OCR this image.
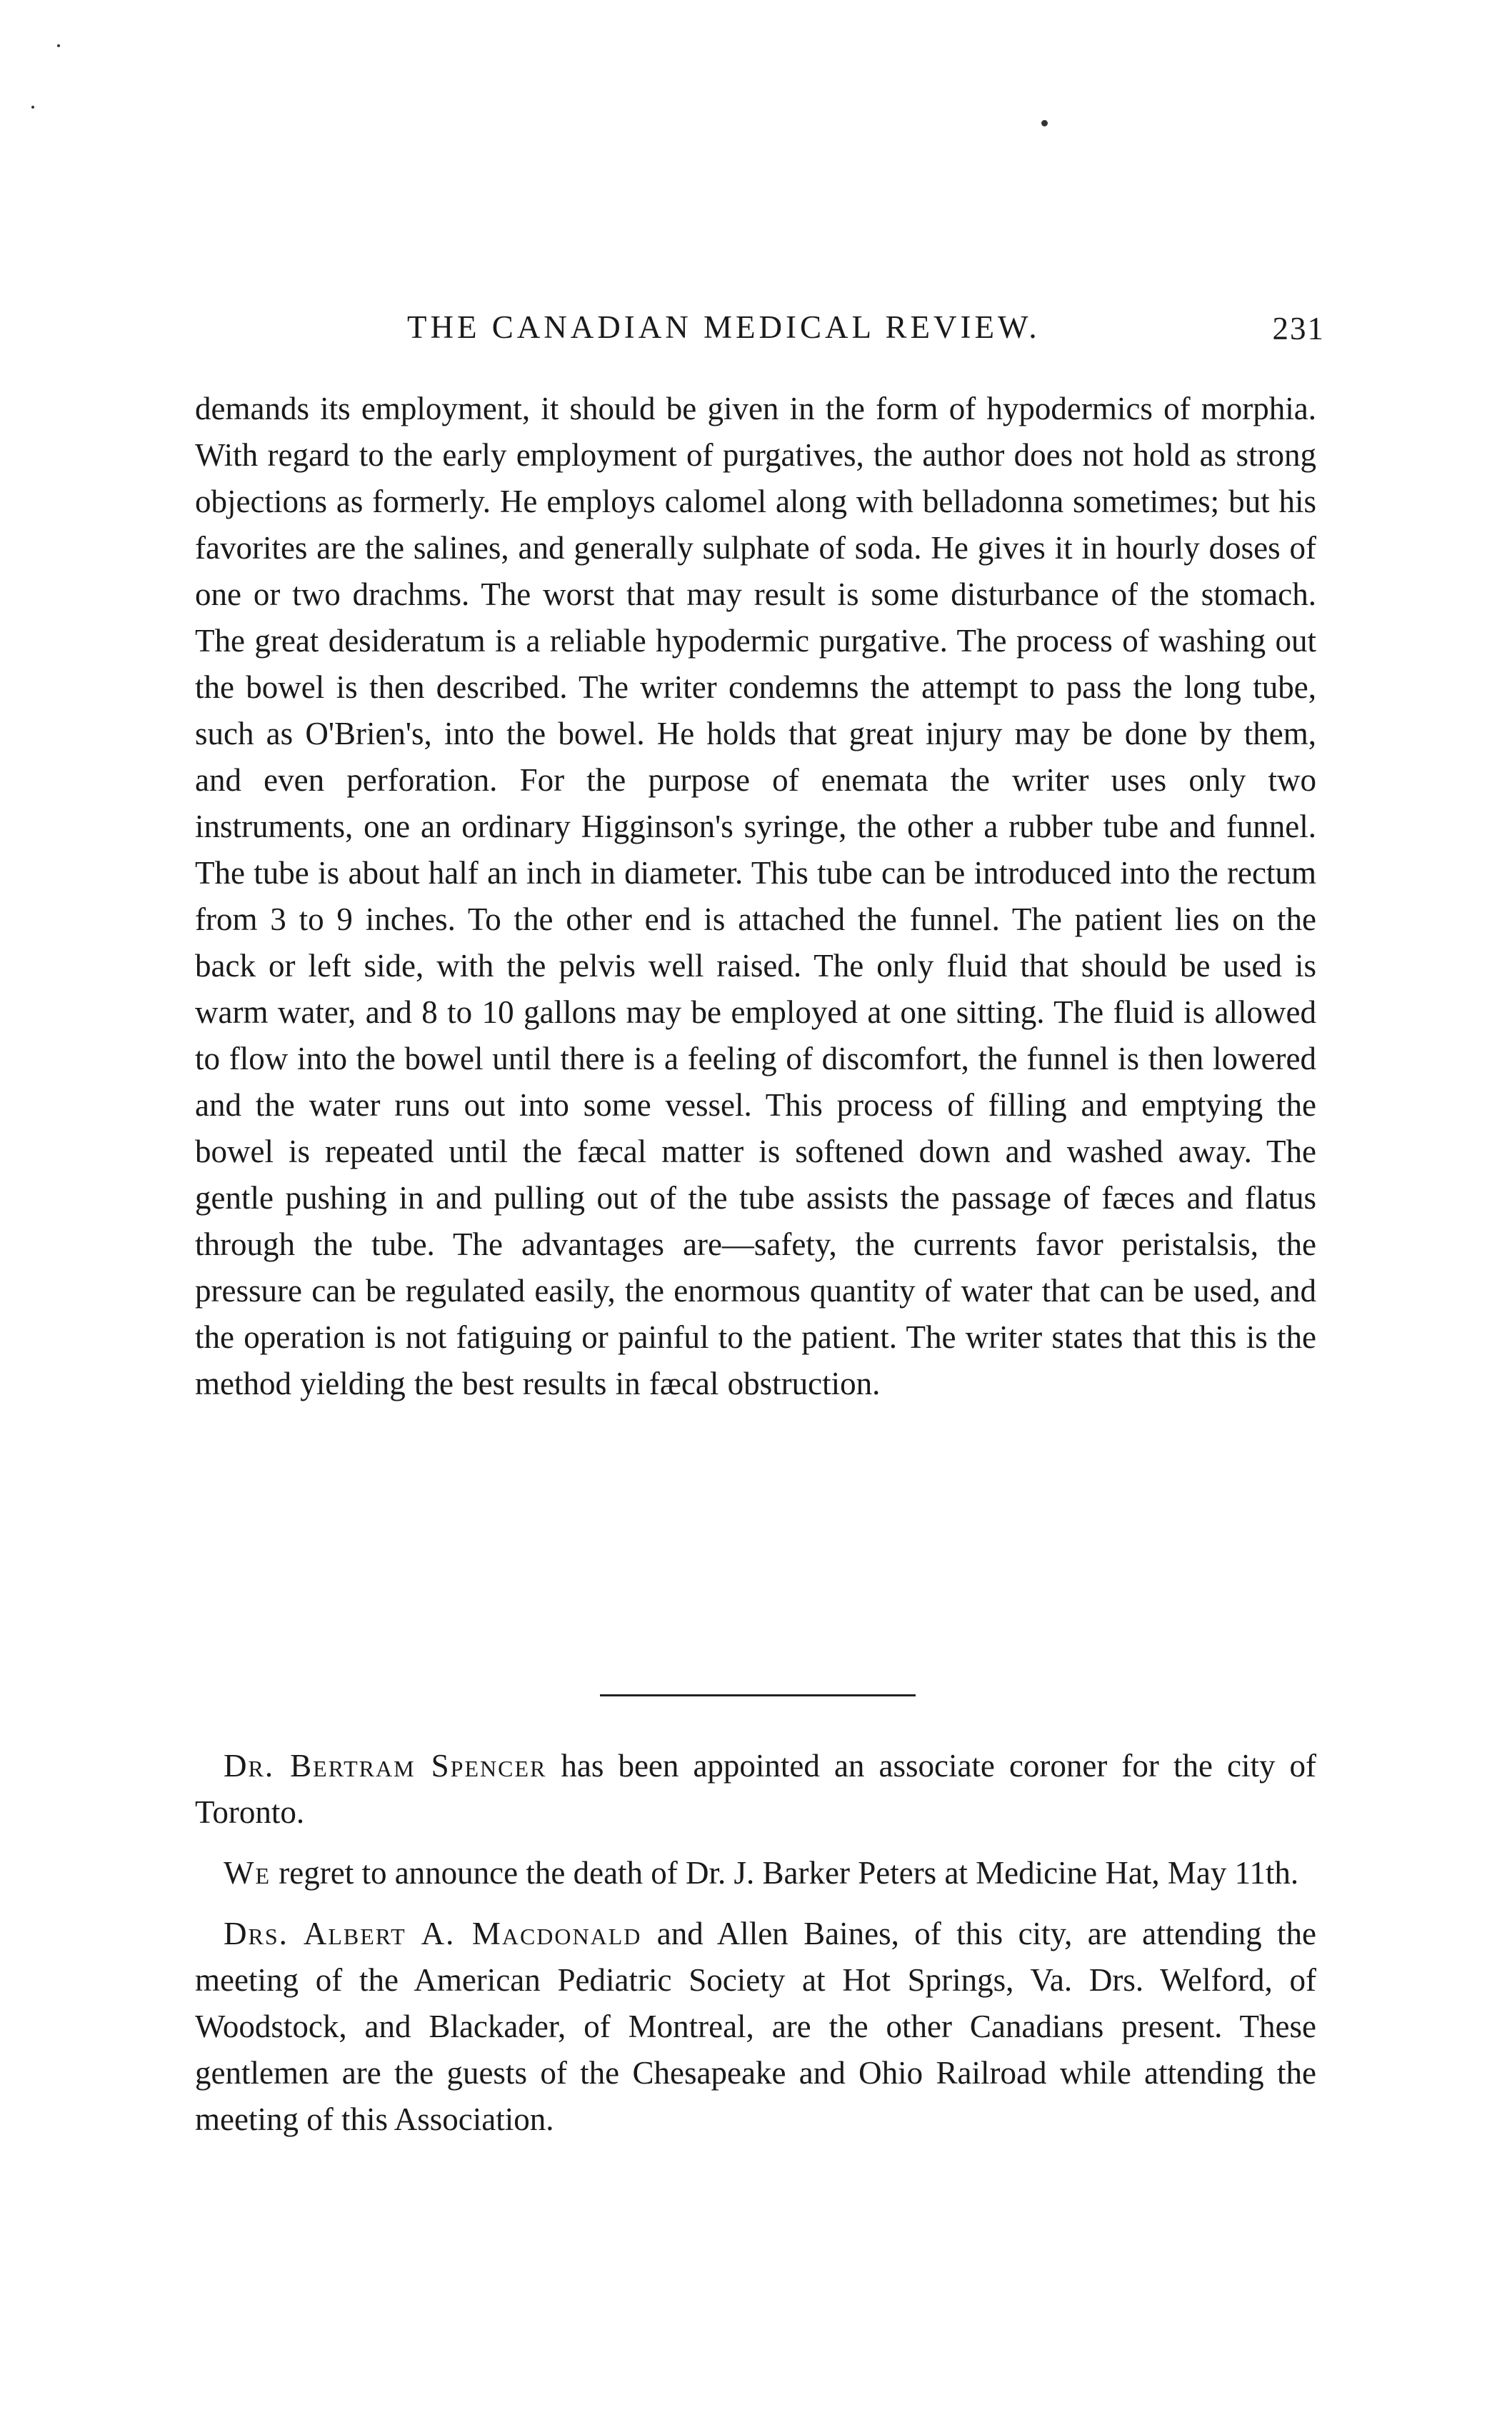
THE CANADIAN MEDICAL REVIEW.	231

demands its employment, it should be given in the form of hypodermics of morphia. With regard to the early employment of purgatives, the author does not hold as strong objections as formerly. He employs calomel along with belladonna sometimes; but his favorites are the salines, and generally sulphate of soda. He gives it in hourly doses of one or two drachms. The worst that may result is some disturbance of the stomach. The great desideratum is a reliable hypodermic purgative. The process of washing out the bowel is then described. The writer condemns the attempt to pass the long tube, such as O'Brien's, into the bowel. He holds that great injury may be done by them, and even perforation. For the purpose of enemata the writer uses only two instruments, one an ordinary Higginson's syringe, the other a rubber tube and funnel. The tube is about half an inch in diameter. This tube can be introduced into the rectum from 3 to 9 inches. To the other end is attached the funnel. The patient lies on the back or left side, with the pelvis well raised. The only fluid that should be used is warm water, and 8 to 10 gallons may be employed at one sitting. The fluid is allowed to flow into the bowel until there is a feeling of discomfort, the funnel is then lowered and the water runs out into some vessel. This process of filling and emptying the bowel is repeated until the fæcal matter is softened down and washed away. The gentle pushing in and pulling out of the tube assists the passage of fæces and flatus through the tube. The advantages are—safety, the currents favor peristalsis, the pressure can be regulated easily, the enormous quantity of water that can be used, and the operation is not fatiguing or painful to the patient. The writer states that this is the method yielding the best results in fæcal obstruction.

Dr. Bertram Spencer has been appointed an associate coroner for the city of Toronto.

We regret to announce the death of Dr. J. Barker Peters at Medicine Hat, May 11th.

Drs. Albert A. Macdonald and Allen Baines, of this city, are attending the meeting of the American Pediatric Society at Hot Springs, Va. Drs. Welford, of Woodstock, and Blackader, of Montreal, are the other Canadians present. These gentlemen are the guests of the Chesapeake and Ohio Railroad while attending the meeting of this Association.
